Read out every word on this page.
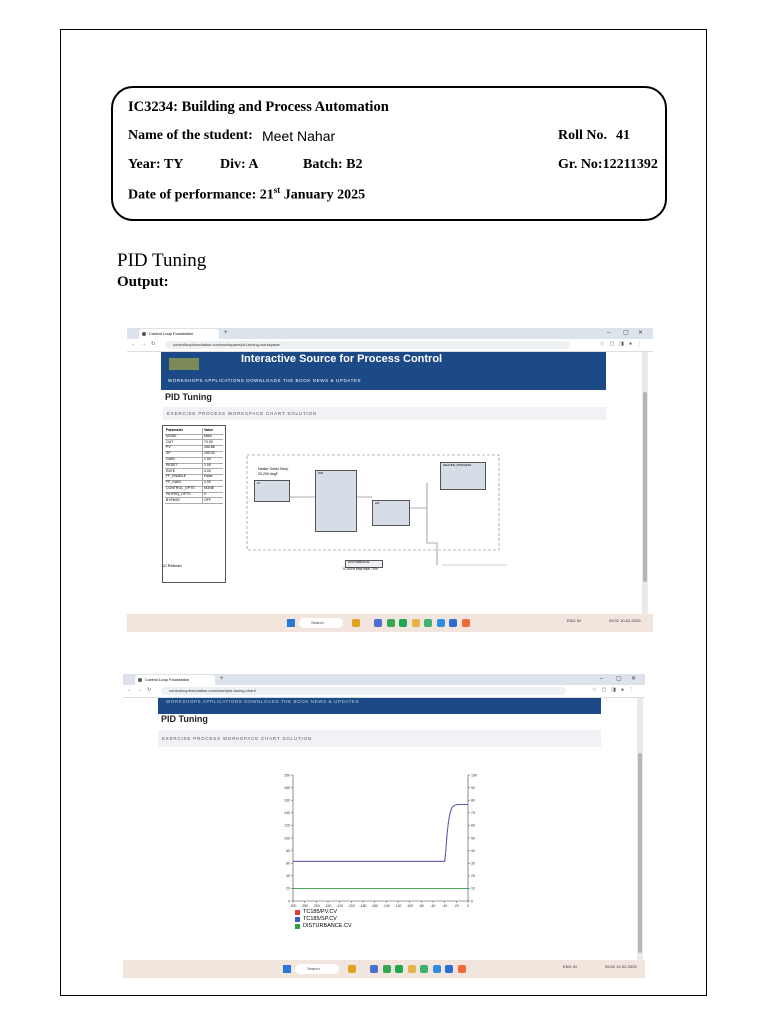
IC3234: Building and Process Automation
Name of the student: Meet Nahar	Roll No. 41
Year: TY	Div: A	Batch: B2	Gr. No:12211392
Date of performance: 21st January 2025
PID Tuning
Output:
Control Loop Foundation	+	– ▢ ✕
← → ↻	controlloopfoundation.com/workspace/pid-tuning-workspace/	☆▢◨●⋮
Interactive Source for Process Control
WORKSHOPS APPLICATIONS DOWNLOADS THE BOOK NEWS & UPDATES
PID Tuning
EXERCISE PROCESS WORKSPACE CHART SOLUTION
Parameter	Value
MODE	MAN
OUT	70.00
PV	150.86
SP	150.00
GAIN	1.00
RESET	1.00
RATE	0.00
FF_ENABLE	False
FF_GAIN	1.00
CONTROL_OPTS	NONE
PIDFRQ_OPTS	0
BYPASS	OFF
☑ Refresh
Heater Outlet Temp
20-200 degF
AI
PID
AO
HEATER_PROCESS
DISTURBANCE
0-100% flow mpb 70%
Search	ENG IN	09:02 10-02-2025
Control Loop Foundation	+	– ▢ ✕
← → ↻	controlloopfoundation.com/chart/pid-tuning-chart/	☆▢◨●⋮
WORKSHOPS APPLICATIONS DOWNLOADS THE BOOK NEWS & UPDATES
PID Tuning
EXERCISE PROCESS WORKSPACE CHART SOLUTION
200
180
160
140
120
100
80
60
40
20
0
100
90
80
70
60
50
40
30
20
10
0
-300 -280 -260 -240 -220 -200 -180 -160 -140 -120 -100 -80 -60 -40 -20 0
TC185/PV.CV
TC185/SP.CV
DISTURBANCE.CV
Search	ENG IN	09:02 10-02-2025
